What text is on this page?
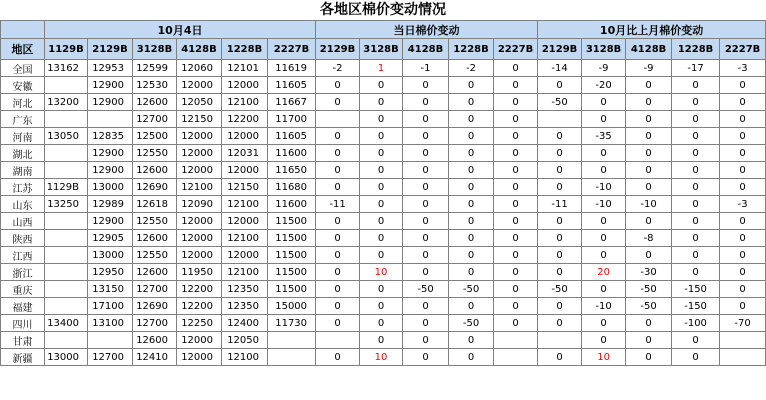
各地区棉价变动情况
	10月4日						当日棉价变动					10月比上月棉价变动				
地区	1129B	2129B	3128B	4128B	1228B	2227B	2129B	3128B	4128B	1228B	2227B	2129B	3128B	4128B	1228B	2227B
全国	13162	12953	12599	12060	12101	11619	-2	1	-1	-2	0	-14	-9	-9	-17	-3
安徽		12900	12530	12000	12000	11605	0	0	0	0	0	0	-20	0	0	0
河北	13200	12900	12600	12050	12100	11667	0	0	0	0	0	-50	0	0	0	0
广东			12700	12150	12200	11700		0	0	0	0		0	0	0	0
河南	13050	12835	12500	12000	12000	11605	0	0	0	0	0	0	-35	0	0	0
湖北		12900	12550	12000	12031	11600	0	0	0	0	0	0	0	0	0	0
湖南		12900	12600	12000	12000	11650	0	0	0	0	0	0	0	0	0	0
江苏	1129B	13000	12690	12100	12150	11680	0	0	0	0	0	0	-10	0	0	0
山东	13250	12989	12618	12090	12100	11600	-11	0	0	0	0	-11	-10	-10	0	-3
山西		12900	12550	12000	12000	11500	0	0	0	0	0	0	0	0	0	0
陕西		12905	12600	12000	12100	11500	0	0	0	0	0	0	0	-8	0	0
江西		13000	12550	12000	12000	11500	0	0	0	0	0	0	0	0	0	0
浙江		12950	12600	11950	12100	11500	0	10	0	0	0	0	20	-30	0	0
重庆		13150	12700	12200	12350	11500	0	0	-50	-50	0	-50	0	-50	-150	0
福建		17100	12690	12200	12350	15000	0	0	0	0	0	0	-10	-50	-150	0
四川	13400	13100	12700	12250	12400	11730	0	0	0	-50	0	0	0	0	-100	-70
甘肃			12600	12000	12050			0	0	0			0	0	0	
新疆	13000	12700	12410	12000	12100		0	10	0	0		0	10	0	0	
